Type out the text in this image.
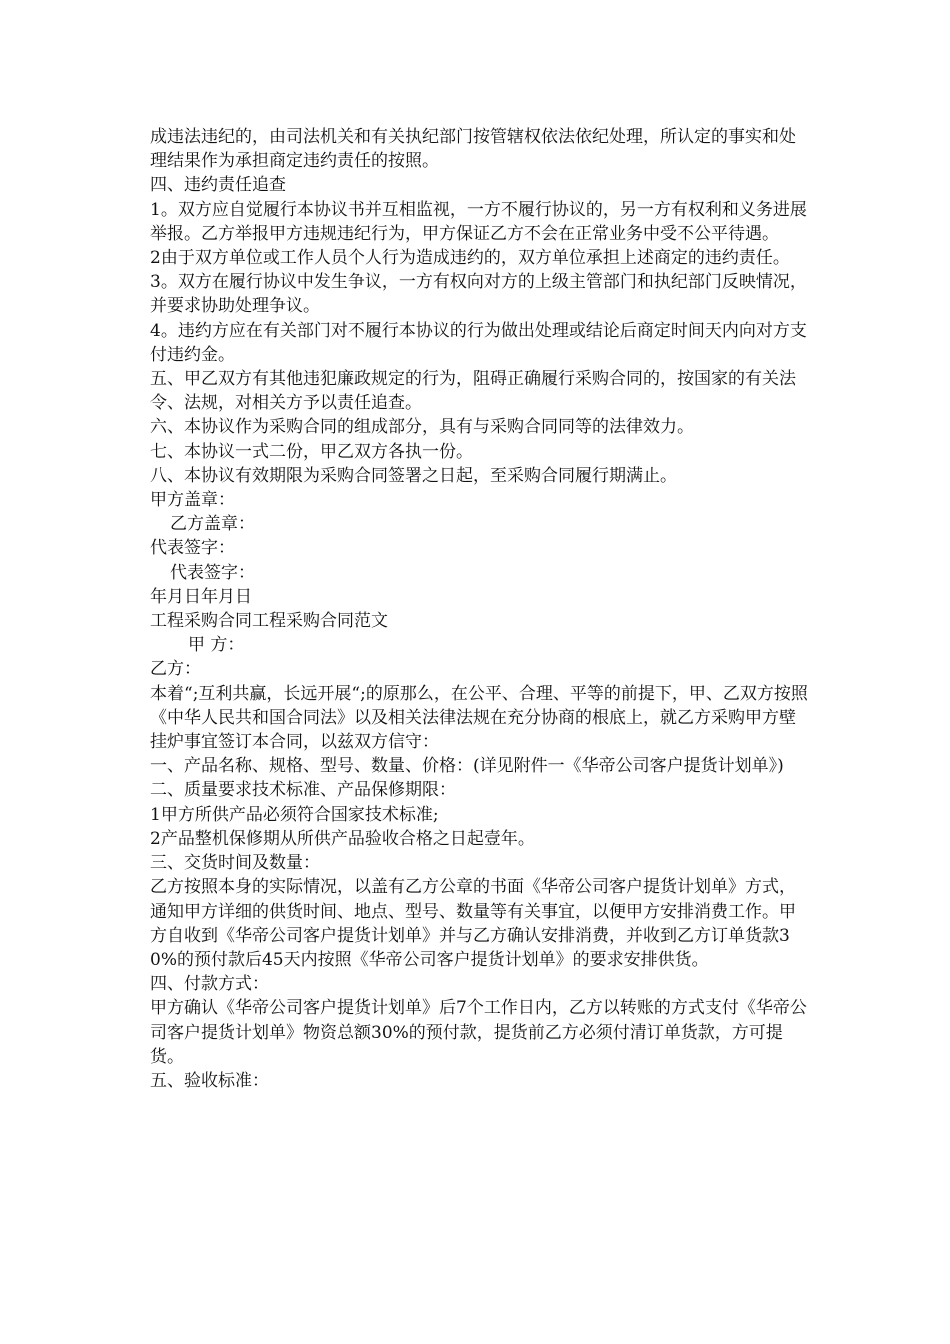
成违法违纪的，由司法机关和有关执纪部门按管辖权依法依纪处理，所认定的事实和处理结果作为承担商定违约责任的按照。

四、违约责任追查

1。双方应自觉履行本协议书并互相监视，一方不履行协议的，另一方有权利和义务进展举报。乙方举报甲方违规违纪行为，甲方保证乙方不会在正常业务中受不公平待遇。

2由于双方单位或工作人员个人行为造成违约的，双方单位承担上述商定的违约责任。

3。双方在履行协议中发生争议，一方有权向对方的上级主管部门和执纪部门反映情况，并要求协助处理争议。

4。违约方应在有关部门对不履行本协议的行为做出处理或结论后商定时间天内向对方支付违约金。

五、甲乙双方有其他违犯廉政规定的行为，阻碍正确履行采购合同的，按国家的有关法令、法规，对相关方予以责任追查。

六、本协议作为采购合同的组成部分，具有与采购合同同等的法律效力。

七、本协议一式二份，甲乙双方各执一份。

八、本协议有效期限为采购合同签署之日起，至采购合同履行期满止。

甲方盖章：

乙方盖章：

代表签字：

代表签字：

年月日年月日

工程采购合同工程采购合同范文

甲 方：

乙方：

本着“;互利共赢，长远开展“;的原那么，在公平、合理、平等的前提下，甲、乙双方按照《中华人民共和国合同法》以及相关法律法规在充分协商的根底上，就乙方采购甲方壁挂炉事宜签订本合同，以兹双方信守：

一、产品名称、规格、型号、数量、价格：(详见附件一《华帝公司客户提货计划单》)

二、质量要求技术标准、产品保修期限：

1甲方所供产品必须符合国家技术标准;

2产品整机保修期从所供产品验收合格之日起壹年。

三、交货时间及数量：

乙方按照本身的实际情况，以盖有乙方公章的书面《华帝公司客户提货计划单》方式，通知甲方详细的供货时间、地点、型号、数量等有关事宜，以便甲方安排消费工作。甲方自收到《华帝公司客户提货计划单》并与乙方确认安排消费，并收到乙方订单货款30%的预付款后45天内按照《华帝公司客户提货计划单》的要求安排供货。

四、付款方式：

甲方确认《华帝公司客户提货计划单》后7个工作日内，乙方以转账的方式支付《华帝公司客户提货计划单》物资总额30%的预付款，提货前乙方必须付清订单货款，方可提货。

五、验收标准：
